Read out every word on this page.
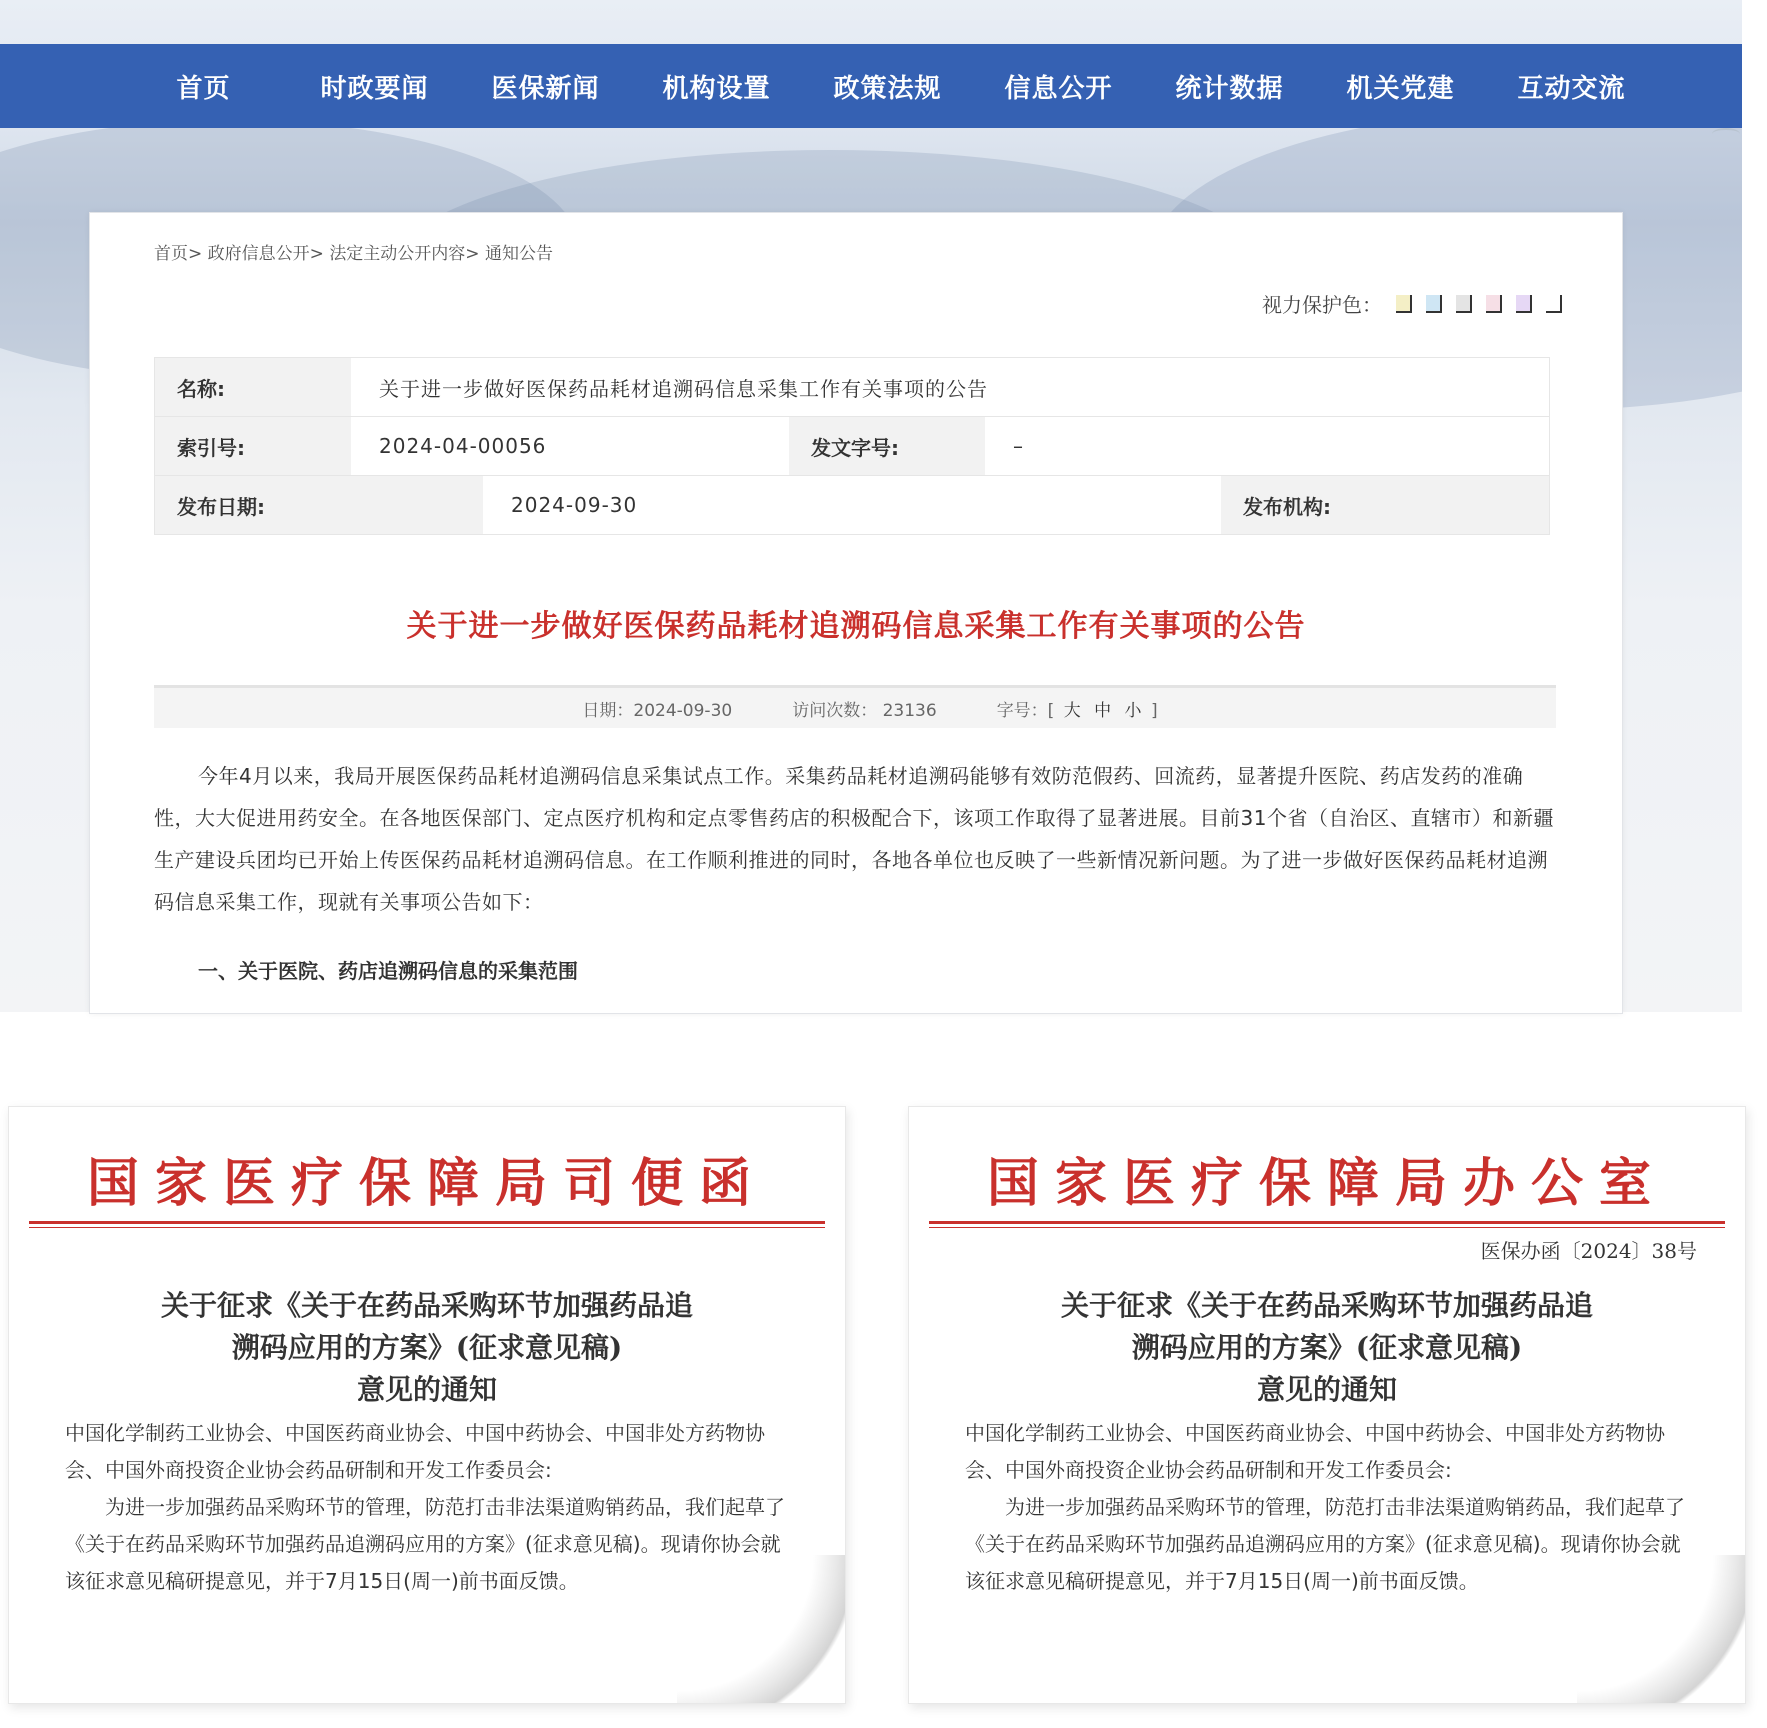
首页	时政要闻	医保新闻	机构设置	政策法规	信息公开	统计数据	机关党建	互动交流
首页> 政府信息公开> 法定主动公开内容> 通知公告
视力保护色：
名称:	关于进一步做好医保药品耗材追溯码信息采集工作有关事项的公告
索引号:	2024-04-00056	发文字号:	–
发布日期:	2024-09-30	发布机构:
关于进一步做好医保药品耗材追溯码信息采集工作有关事项的公告
日期：2024-09-30	访问次数： 23136	字号：[ 大 中 小 ]
今年4月以来，我局开展医保药品耗材追溯码信息采集试点工作。采集药品耗材追溯码能够有效防范假药、回流药，显著提升医院、药店发药的准确性，大大促进用药安全。在各地医保部门、定点医疗机构和定点零售药店的积极配合下，该项工作取得了显著进展。目前31个省（自治区、直辖市）和新疆生产建设兵团均已开始上传医保药品耗材追溯码信息。在工作顺利推进的同时，各地各单位也反映了一些新情况新问题。为了进一步做好医保药品耗材追溯码信息采集工作，现就有关事项公告如下：
一、关于医院、药店追溯码信息的采集范围
国家医疗保障局司便函
关于征求《关于在药品采购环节加强药品追
溯码应用的方案》(征求意见稿)
意见的通知
中国化学制药工业协会、中国医药商业协会、中国中药协会、中国非处方药物协会、中国外商投资企业协会药品研制和开发工作委员会:
为进一步加强药品采购环节的管理，防范打击非法渠道购销药品，我们起草了《关于在药品采购环节加强药品追溯码应用的方案》(征求意见稿)。现请你协会就该征求意见稿研提意见，并于7月15日(周一)前书面反馈。
国家医疗保障局办公室
医保办函〔2024〕38号
关于征求《关于在药品采购环节加强药品追
溯码应用的方案》(征求意见稿)
意见的通知
中国化学制药工业协会、中国医药商业协会、中国中药协会、中国非处方药物协会、中国外商投资企业协会药品研制和开发工作委员会:
为进一步加强药品采购环节的管理，防范打击非法渠道购销药品，我们起草了《关于在药品采购环节加强药品追溯码应用的方案》(征求意见稿)。现请你协会就该征求意见稿研提意见，并于7月15日(周一)前书面反馈。
